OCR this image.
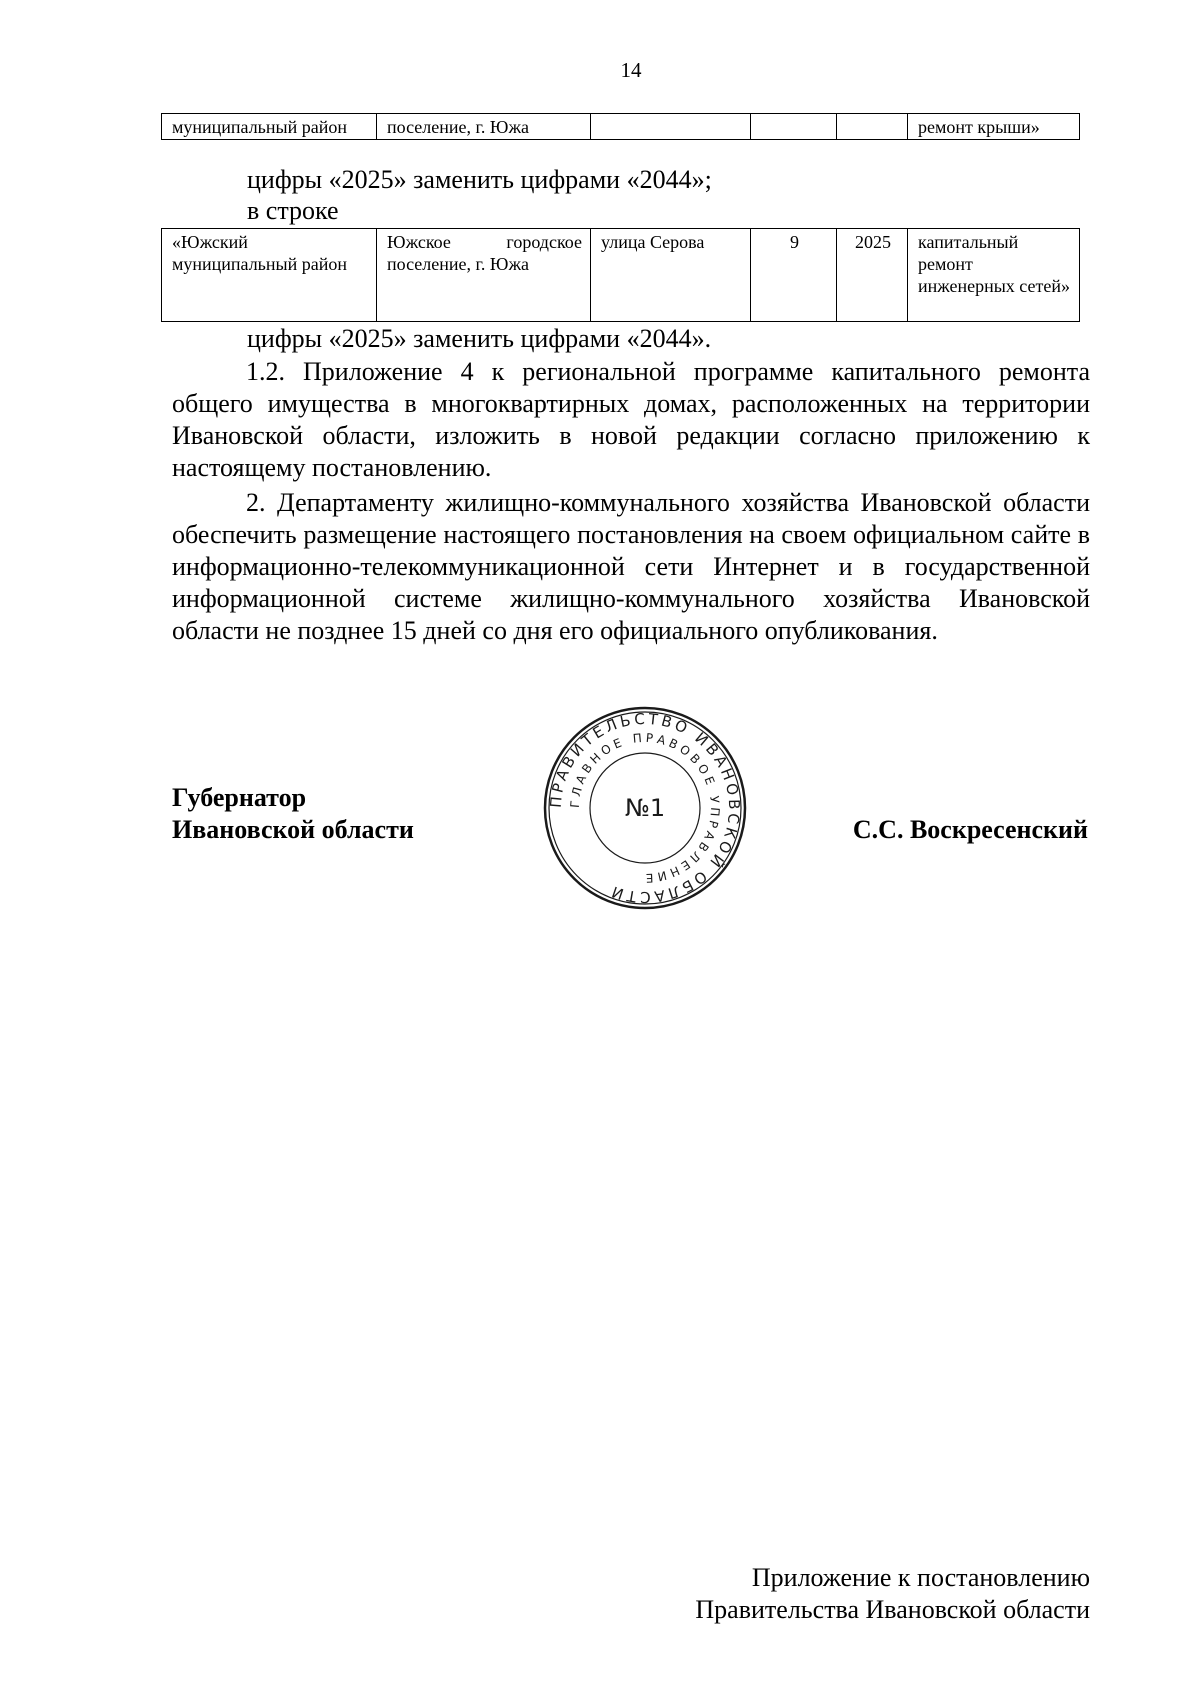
14
муниципальный район	поселение, г. Южа				ремонт крыши»
цифры «2025» заменить цифрами «2044»;
в строке
«Южский муниципальный район	Южское городское поселение, г. Южа	улица Серова	9	2025	капитальный ремонт инженерных сетей»
цифры «2025» заменить цифрами «2044».
1.2. Приложение 4 к региональной программе капитального ремонта общего имущества в многоквартирных домах, расположенных на территории Ивановской области, изложить в новой редакции согласно приложению к настоящему постановлению.
2. Департаменту жилищно-коммунального хозяйства Ивановской области обеспечить размещение настоящего постановления на своем официальном сайте в информационно-телекоммуникационной сети Интернет и в государственной информационной системе жилищно-коммунального хозяйства Ивановской области не позднее 15 дней со дня его официального опубликования.
Губернатор
Ивановской области	С.С. Воскресенский
ПРАВИТЕЛЬСТВО ИВАНОВСКОЙ ОБЛАСТИ
ГЛАВНОЕ ПРАВОВОЕ УПРАВЛЕНИЕ
№1
Приложение к постановлению
Правительства Ивановской области
